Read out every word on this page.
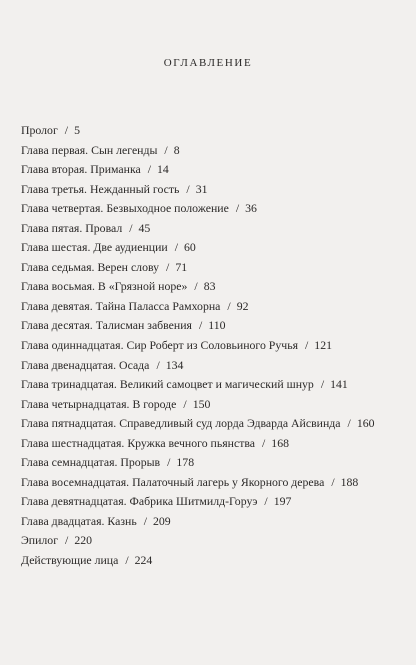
оглавление
Пролог / 5
Глава первая. Сын легенды / 8
Глава вторая. Приманка / 14
Глава третья. Нежданный гость / 31
Глава четвертая. Безвыходное положение / 36
Глава пятая. Провал / 45
Глава шестая. Две аудиенции / 60
Глава седьмая. Верен слову / 71
Глава восьмая. В «Грязной норе» / 83
Глава девятая. Тайна Паласса Рамхорна / 92
Глава десятая. Талисман забвения / 110
Глава одиннадцатая. Сир Роберт из Соловьиного Ручья / 121
Глава двенадцатая. Осада / 134
Глава тринадцатая. Великий самоцвет и магический шнур / 141
Глава четырнадцатая. В городе / 150
Глава пятнадцатая. Справедливый суд лорда Эдварда Айсвинда / 160
Глава шестнадцатая. Кружка вечного пьянства / 168
Глава семнадцатая. Прорыв / 178
Глава восемнадцатая. Палаточный лагерь у Якорного дерева / 188
Глава девятнадцатая. Фабрика Шитмилд-Горуэ / 197
Глава двадцатая. Казнь / 209
Эпилог / 220
Действующие лица / 224
